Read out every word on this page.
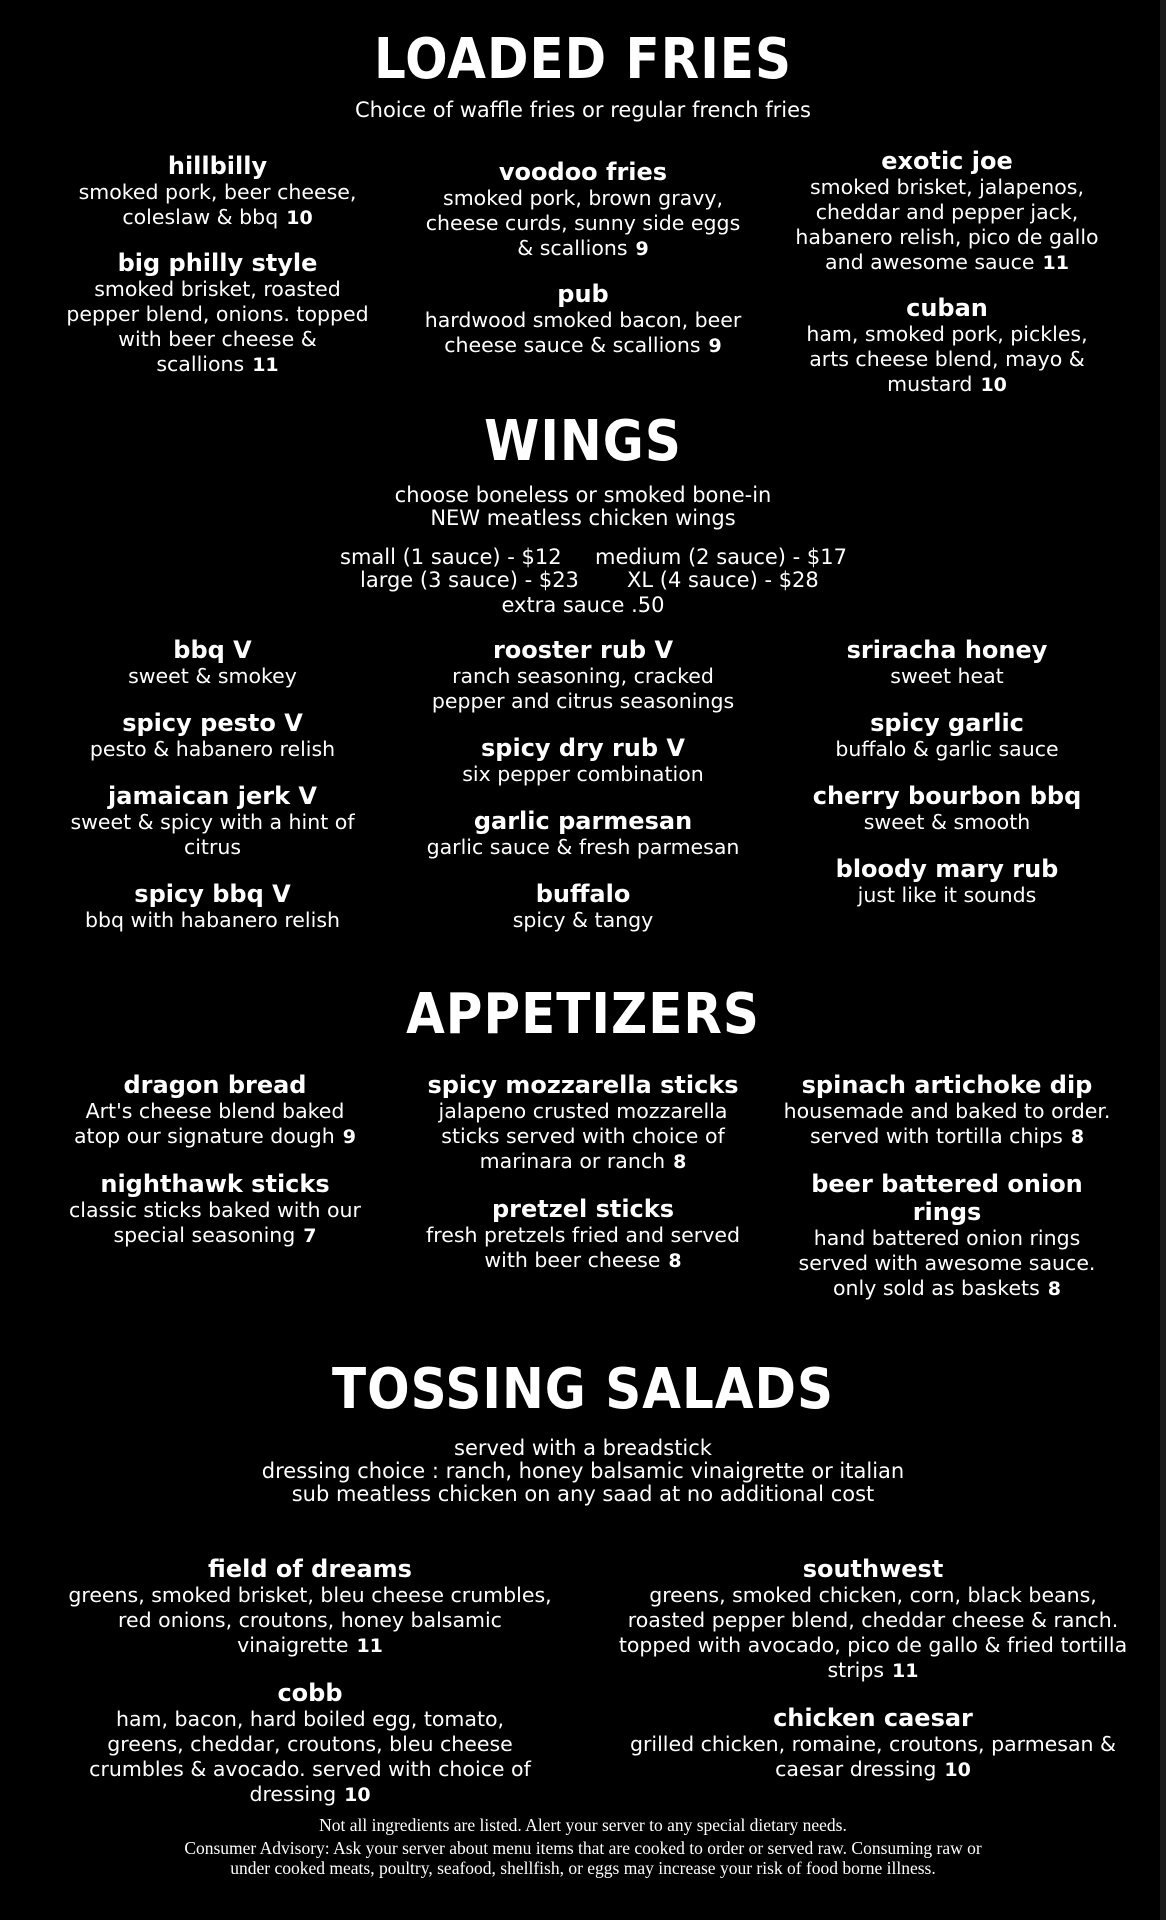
LOADED FRIES
Choice of waffle fries or regular french fries
hillbilly
smoked pork, beer cheese, coleslaw & bbq 10
big philly style
smoked brisket, roasted pepper blend, onions. topped with beer cheese & scallions 11
voodoo fries
smoked pork, brown gravy, cheese curds, sunny side eggs & scallions 9
pub
hardwood smoked bacon, beer cheese sauce & scallions 9
exotic joe
smoked brisket, jalapenos, cheddar and pepper jack, habanero relish, pico de gallo and awesome sauce 11
cuban
ham, smoked pork, pickles, arts cheese blend, mayo & mustard 10
WINGS
choose boneless or smoked bone-in
NEW meatless chicken wings
small (1 sauce) - $12 medium (2 sauce) - $17
large (3 sauce) - $23 XL (4 sauce) - $28
extra sauce .50
bbq V
sweet & smokey
spicy pesto V
pesto & habanero relish
jamaican jerk V
sweet & spicy with a hint of citrus
spicy bbq V
bbq with habanero relish
rooster rub V
ranch seasoning, cracked pepper and citrus seasonings
spicy dry rub V
six pepper combination
garlic parmesan
garlic sauce & fresh parmesan
buffalo
spicy & tangy
sriracha honey
sweet heat
spicy garlic
buffalo & garlic sauce
cherry bourbon bbq
sweet & smooth
bloody mary rub
just like it sounds
APPETIZERS
dragon bread
Art's cheese blend baked atop our signature dough 9
nighthawk sticks
classic sticks baked with our special seasoning 7
spicy mozzarella sticks
jalapeno crusted mozzarella sticks served with choice of marinara or ranch 8
pretzel sticks
fresh pretzels fried and served with beer cheese 8
spinach artichoke dip
housemade and baked to order. served with tortilla chips 8
beer battered onion rings
hand battered onion rings served with awesome sauce. only sold as baskets 8
TOSSING SALADS
served with a breadstick
dressing choice : ranch, honey balsamic vinaigrette or italian
sub meatless chicken on any saad at no additional cost
field of dreams
greens, smoked brisket, bleu cheese crumbles, red onions, croutons, honey balsamic vinaigrette 11
cobb
ham, bacon, hard boiled egg, tomato, greens, cheddar, croutons, bleu cheese crumbles & avocado. served with choice of dressing 10
southwest
greens, smoked chicken, corn, black beans, roasted pepper blend, cheddar cheese & ranch. topped with avocado, pico de gallo & fried tortilla strips 11
chicken caesar
grilled chicken, romaine, croutons, parmesan & caesar dressing 10
Not all ingredients are listed. Alert your server to any special dietary needs.
Consumer Advisory: Ask your server about menu items that are cooked to order or served raw. Consuming raw or
under cooked meats, poultry, seafood, shellfish, or eggs may increase your risk of food borne illness.
